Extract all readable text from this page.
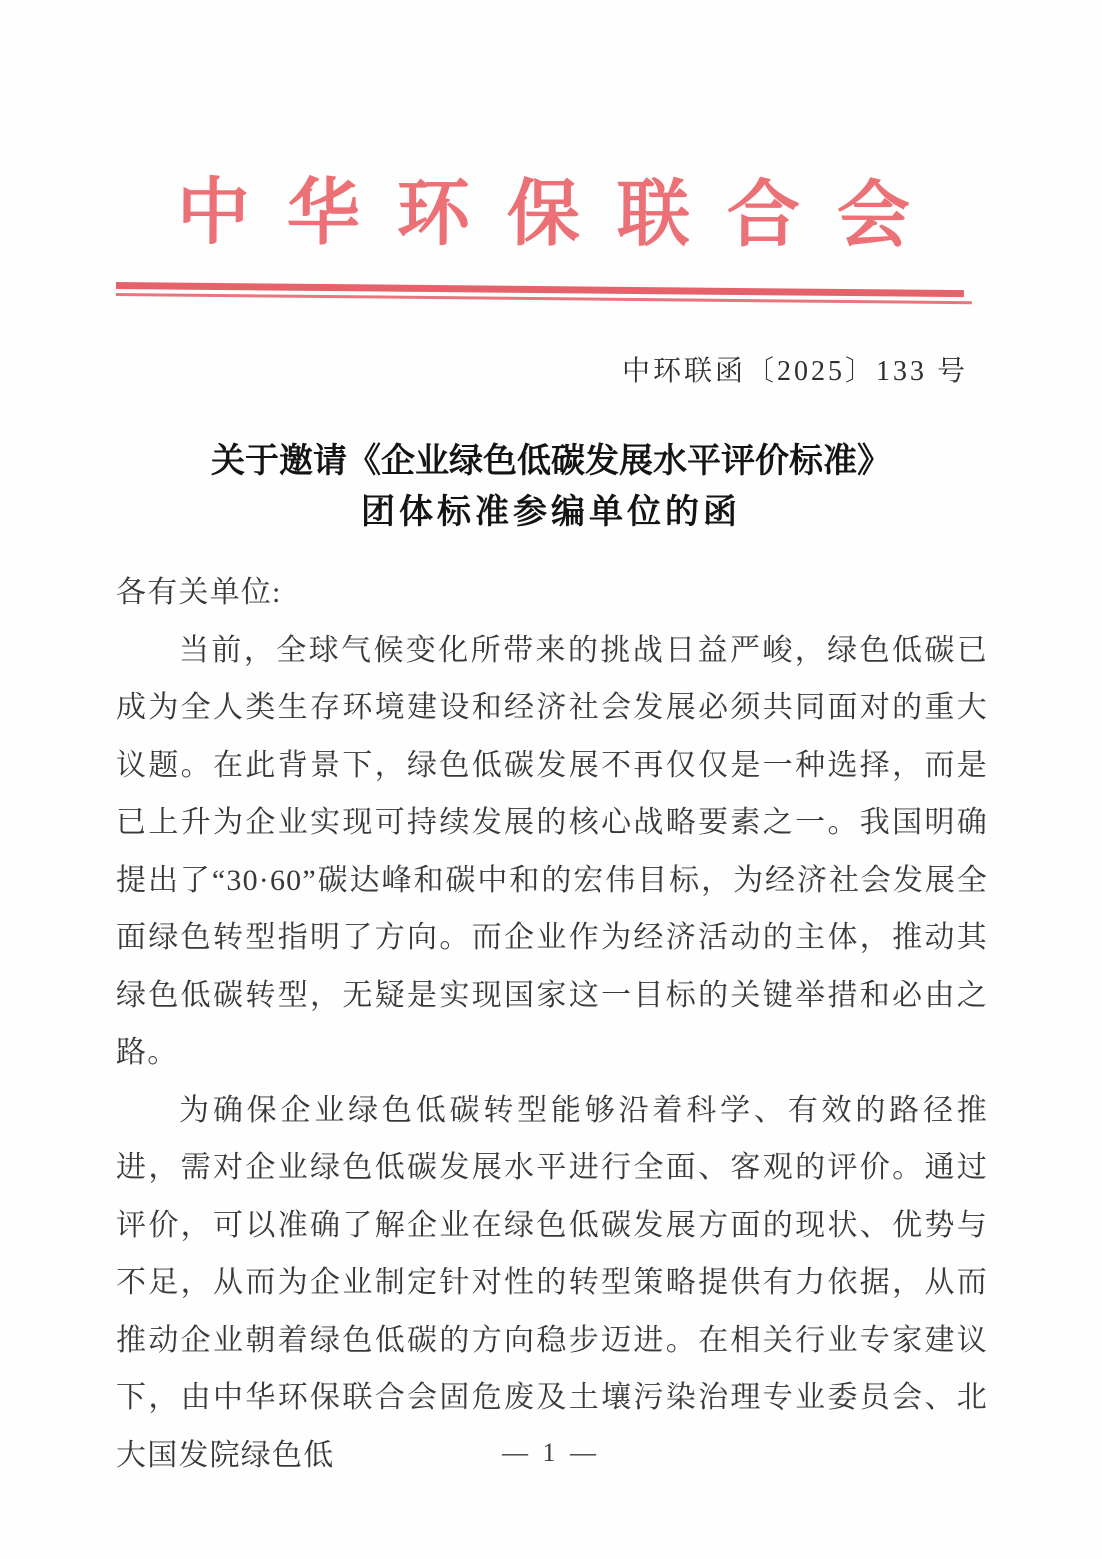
中华环保联合会
中环联函〔2025〕133 号
关于邀请《企业绿色低碳发展水平评价标准》
团体标准参编单位的函
各有关单位:

当前，全球气候变化所带来的挑战日益严峻，绿色低碳已成为全人类生存环境建设和经济社会发展必须共同面对的重大议题。在此背景下，绿色低碳发展不再仅仅是一种选择，而是已上升为企业实现可持续发展的核心战略要素之一。我国明确提出了“30·60”碳达峰和碳中和的宏伟目标，为经济社会发展全面绿色转型指明了方向。而企业作为经济活动的主体，推动其绿色低碳转型，无疑是实现国家这一目标的关键举措和必由之路。

为确保企业绿色低碳转型能够沿着科学、有效的路径推进，需对企业绿色低碳发展水平进行全面、客观的评价。通过评价，可以准确了解企业在绿色低碳发展方面的现状、优势与不足，从而为企业制定针对性的转型策略提供有力依据，从而推动企业朝着绿色低碳的方向稳步迈进。在相关行业专家建议下，由中华环保联合会固危废及土壤污染治理专业委员会、北大国发院绿色低	— 1 —
